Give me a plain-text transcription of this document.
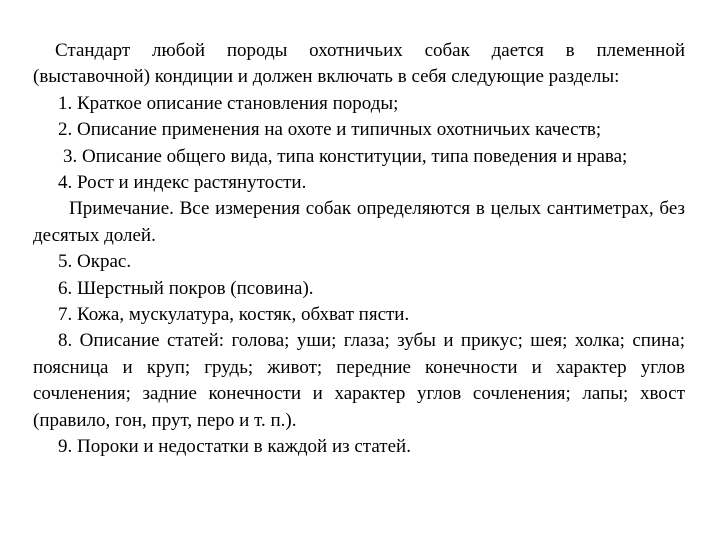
Стандарт любой породы охотничьих собак дается в племенной (выставочной) кондиции и должен включать в себя следующие разделы:

1. Краткое описание становления породы;

2. Описание применения на охоте и типичных охотничьих качеств;

3. Описание общего вида, типа конституции, типа поведения и нрава;

4. Рост и индекс растянутости.

Примечание. Все измерения собак определяются в целых сантиметрах, без десятых долей.

5. Окрас.

6. Шерстный покров (псовина).

7. Кожа, мускулатура, костяк, обхват пясти.

8. Описание статей: голова; уши; глаза; зубы и прикус; шея; холка; спина; поясница и круп; грудь; живот; передние конечности и характер углов сочленения; задние конечности и характер углов сочленения; лапы; хвост (правило, гон, прут, перо и т. п.).

9. Пороки и недостатки в каждой из статей.
